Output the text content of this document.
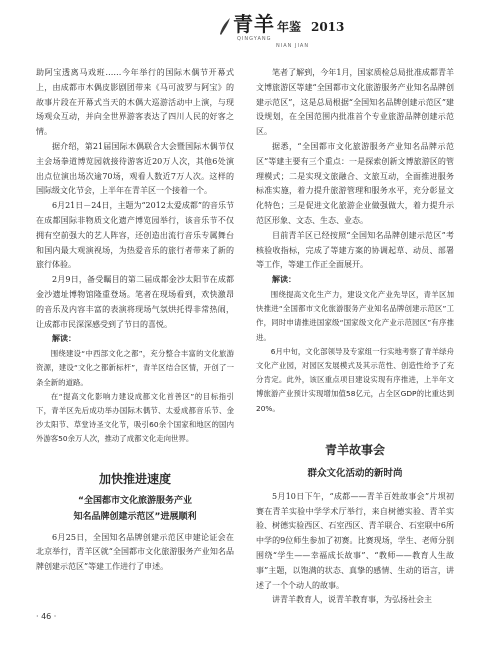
青羊 年鉴 2013
QINGYANG
NIAN JIAN

助阿宝透离马戏班……今年举行的国际木偶节开幕式上，由成都市木偶皮影剧团带来《马可波罗与阿宝》的故事片段在开幕式当天的木偶大巡游活动中上演，与现场观众互动，并向全世界游客表达了四川人民的好客之情。

据介绍，第21届国际木偶联合大会暨国际木偶节仅主会场拳道博览园就接待游客近20万人次，其他6处演出点位演出场次逾70场，观看人数近7万人次。这样的国际级文化节会，上半年在青羊区一个接着一个。

6月21日－24日，主题为“2012太爱成都”的音乐节在成都国际非物质文化遗产博览园举行，该音乐节不仅拥有空前强大的艺人阵容，还创造出流行音乐专属舞台和国内最大观演视场，为热爱音乐的旅行者带来了新的旅行体验。

2月9日，备受瞩目的第二届成都金沙太阳节在成都金沙遗址博物馆隆重登场。笔者在现场看到，欢快激昂的音乐及内容丰富的表演将现场气氛烘托得非常热闹，让成都市民深深感受到了节日的喜悦。

解读：

围绕建设“中西部文化之都”，充分整合丰富的文化旅游资源，建设“文化之都新标杆”，青羊区结合区情，开创了一条全新的道路。

在“提高文化影响力建设成都文化首善区”的目标指引下，青羊区先后成功举办国际木偶节、太爱成都音乐节、金沙太阳节、草堂诗圣文化节，吸引60余个国家和地区的国内外游客50余万人次，推动了成都文化走向世界。

加快推进速度
“全国都市文化旅游服务产业
知名品牌创建示范区”进展顺利

6月25日，全国知名品牌创建示范区申建论证会在北京举行，青羊区就“全国都市文化旅游服务产业知名品牌创建示范区”等建工作进行了申述。

笔者了解到，今年1月，国家质检总局批准成都青羊文博旅游区等建“全国都市文化旅游服务产业知名品牌创建示范区”，这是总局根据“全国知名品牌创建示范区”建设规划，在全国范围内批准首个专业旅游品牌创建示范区。

据悉，“全国都市文化旅游服务产业知名品牌示范区”等建主要有三个重点：一是探索创新文博旅游区的管理模式；二是实现文旅融合、文旅互动，全面推进服务标准实施，着力提升旅游管理和服务水平，充分彰显文化特色；三是促进文化旅游企业做强做大，着力提升示范区形象、文态、生态、业态。

目前青羊区已经按照“全国知名品牌创建示范区”考核验收指标，完成了等建方案的协调起草、动员、部署等工作，等建工作正全面展开。

解读：

围绕提高文化生产力，建设文化产业先导区，青羊区加快推进“全国都市文化旅游服务产业知名品牌创建示范区”工作，同时申请推进国家级“国家级文化产业示范园区”有序推进。

6月中旬，文化部领导及专家组一行实地考察了青羊绿舟文化产业园，对园区发展模式及其示范性、创造性给予了充分肯定。此外，该区重点项目建设实现有序推进，上半年文博旅游产业预计实现增加值58亿元，占全区GDP的比重达到20%。

青羊故事会
群众文化活动的新时尚

5月10日下午，“成都——青羊百姓故事会”片坝初赛在青羊实验中学学术厅举行，来自树德实验、青羊实验、树德实验西区、石室西区、青羊联合、石室联中6所中学的9位师生参加了初赛。比赛现场，学生、老师分别围绕“学生——幸福成长故事”、“教师——教育人生故事”主题，以饱满的状态、真挚的感情、生动的语言，讲述了一个个动人的故事。

讲青羊教育人，说青羊教育事，为弘扬社会主

· 46 ·
